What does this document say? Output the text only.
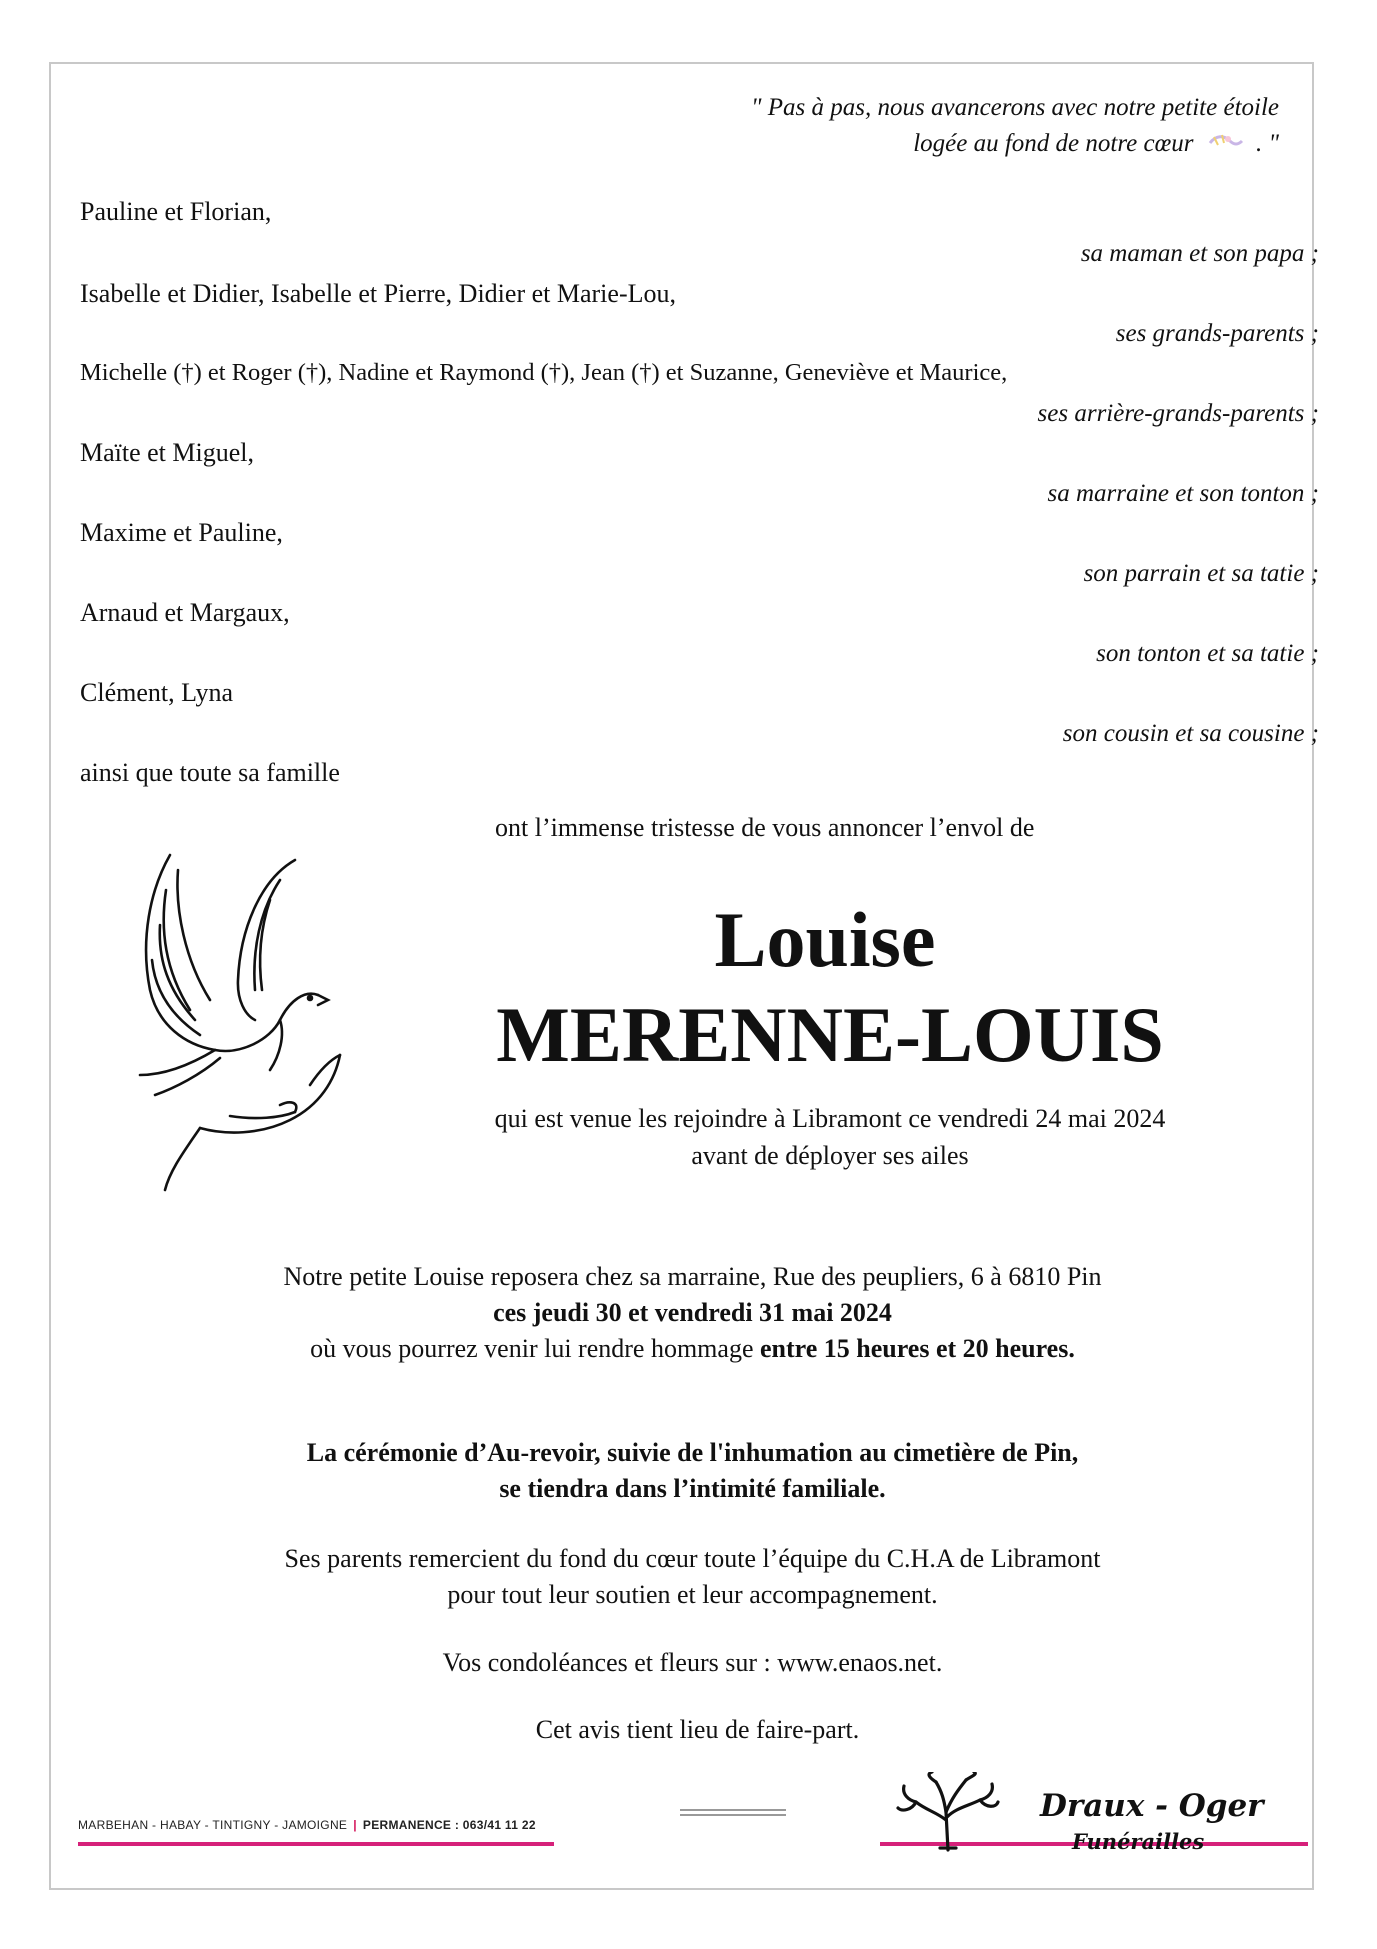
" Pas à pas, nous avancerons avec notre petite étoile
logée au fond de notre cœur	. "
Pauline et Florian,
sa maman et son papa ;
Isabelle et Didier, Isabelle et Pierre, Didier et Marie-Lou,
ses grands-parents ;
Michelle (†) et Roger (†), Nadine et Raymond (†), Jean (†) et Suzanne, Geneviève et Maurice,
ses arrière-grands-parents ;
Maïte et Miguel,
sa marraine et son tonton ;
Maxime et Pauline,
son parrain et sa tatie ;
Arnaud et Margaux,
son tonton et sa tatie ;
Clément, Lyna
son cousin et sa cousine ;
ainsi que toute sa famille
ont l’immense tristesse de vous annoncer l’envol de
Louise
MERENNE-LOUIS
qui est venue les rejoindre à Libramont ce vendredi 24 mai 2024
avant de déployer ses ailes
Notre petite Louise reposera chez sa marraine, Rue des peupliers, 6 à 6810 Pin
ces jeudi 30 et vendredi 31 mai 2024
où vous pourrez venir lui rendre hommage entre 15 heures et 20 heures.
La cérémonie d’Au-revoir, suivie de l'inhumation au cimetière de Pin,
se tiendra dans l’intimité familiale.
Ses parents remercient du fond du cœur toute l’équipe du C.H.A de Libramont
pour tout leur soutien et leur accompagnement.
Vos condoléances et fleurs sur : www.enaos.net.
Cet avis tient lieu de faire-part.
MARBEHAN - HABAY - TINTIGNY - JAMOIGNE | PERMANENCE : 063/41 11 22
Draux - Oger
Funérailles
